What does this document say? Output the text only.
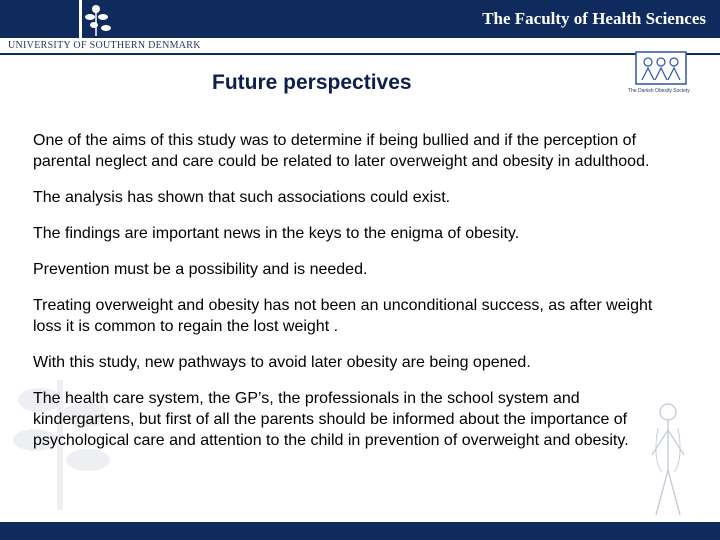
The Faculty of Health Sciences
UNIVERSITY OF SOUTHERN DENMARK
The Danish Obesity Society
Future perspectives

One of the aims of this study was to determine if being bullied and if the perception of parental neglect and care could be related to later overweight and obesity in adulthood.

The analysis has shown that such associations could exist.

The findings are important news in the keys to the enigma of obesity.

Prevention must be a possibility and is needed.

Treating overweight and obesity has not been an unconditional success, as after weight loss it is common to regain the lost weight .

With this study, new pathways to avoid later obesity are being opened.

The health care system, the GP’s, the professionals in the school system and kindergartens, but first of all the parents should be informed about the importance of psychological care and attention to the child in prevention of overweight and obesity.
